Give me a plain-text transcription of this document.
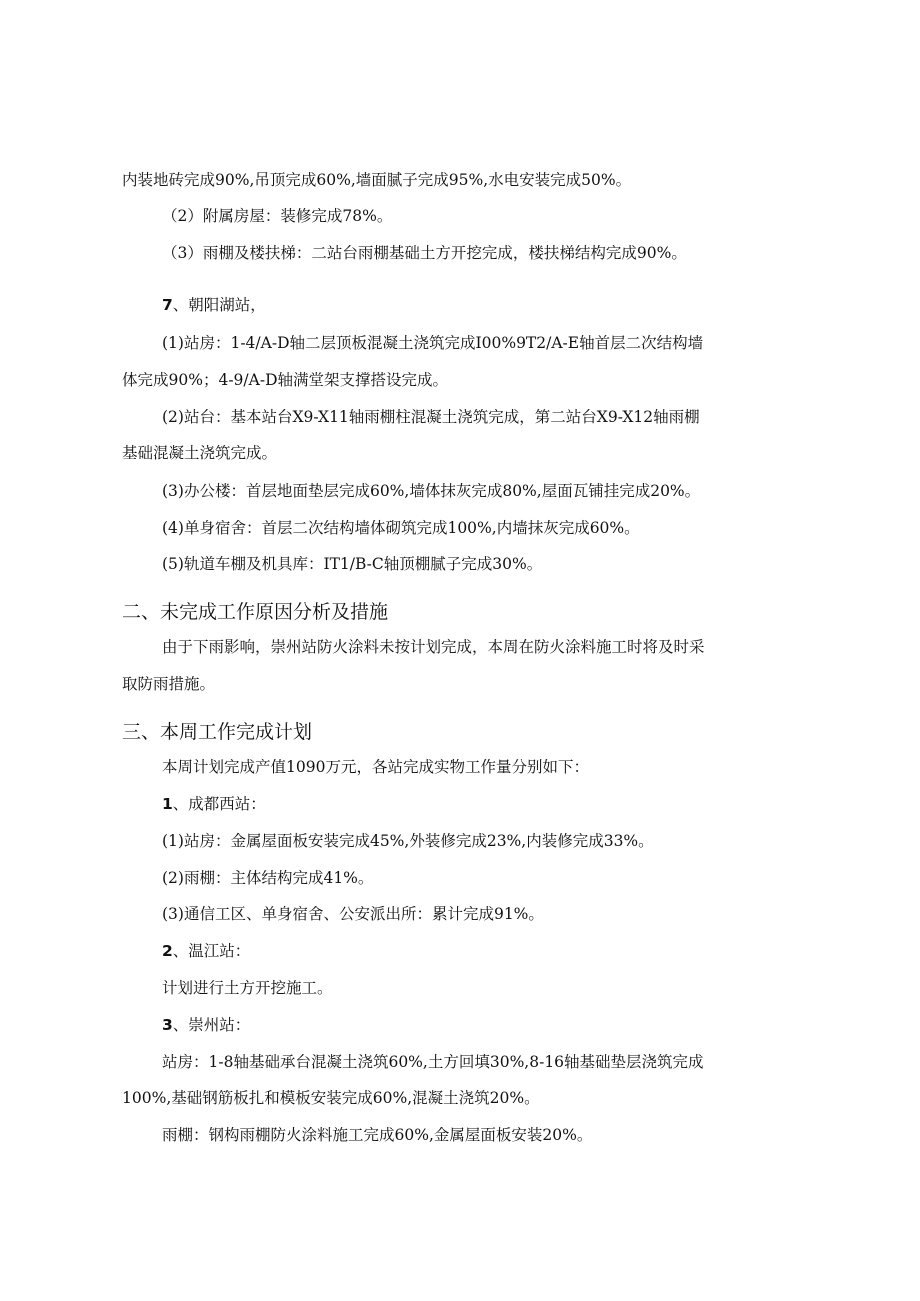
内装地砖完成90%,吊顶完成60%,墙面腻子完成95%,水电安装完成50%。
（2）附属房屋：装修完成78%。
（3）雨棚及楼扶梯：二站台雨棚基础土方开挖完成，楼扶梯结构完成90%。
7、朝阳湖站，
(1)站房：1-4/A-D轴二层顶板混凝土浇筑完成I00%9T2/A-E轴首层二次结构墙
体完成90%；4-9/A-D轴满堂架支撑搭设完成。
(2)站台：基本站台X9-X11轴雨棚柱混凝土浇筑完成，第二站台X9-X12轴雨棚
基础混凝土浇筑完成。
(3)办公楼：首层地面垫层完成60%,墙体抹灰完成80%,屋面瓦铺挂完成20%。
(4)单身宿舍：首层二次结构墙体砌筑完成100%,内墙抹灰完成60%。
(5)轨道车棚及机具库：IT1/B-C轴顶棚腻子完成30%。
二、未完成工作原因分析及措施
由于下雨影响，崇州站防火涂料未按计划完成，本周在防火涂料施工时将及时采
取防雨措施。
三、本周工作完成计划
本周计划完成产值1090万元，各站完成实物工作量分别如下：
1、成都西站：
(1)站房：金属屋面板安装完成45%,外装修完成23%,内装修完成33%。
(2)雨棚：主体结构完成41%。
(3)通信工区、单身宿舍、公安派出所：累计完成91%。
2、温江站：
计划进行土方开挖施工。
3、崇州站：
站房：1-8轴基础承台混凝土浇筑60%,土方回填30%,8-16轴基础垫层浇筑完成
100%,基础钢筋板扎和模板安装完成60%,混凝土浇筑20%。
雨棚：钢构雨棚防火涂料施工完成60%,金属屋面板安装20%。
